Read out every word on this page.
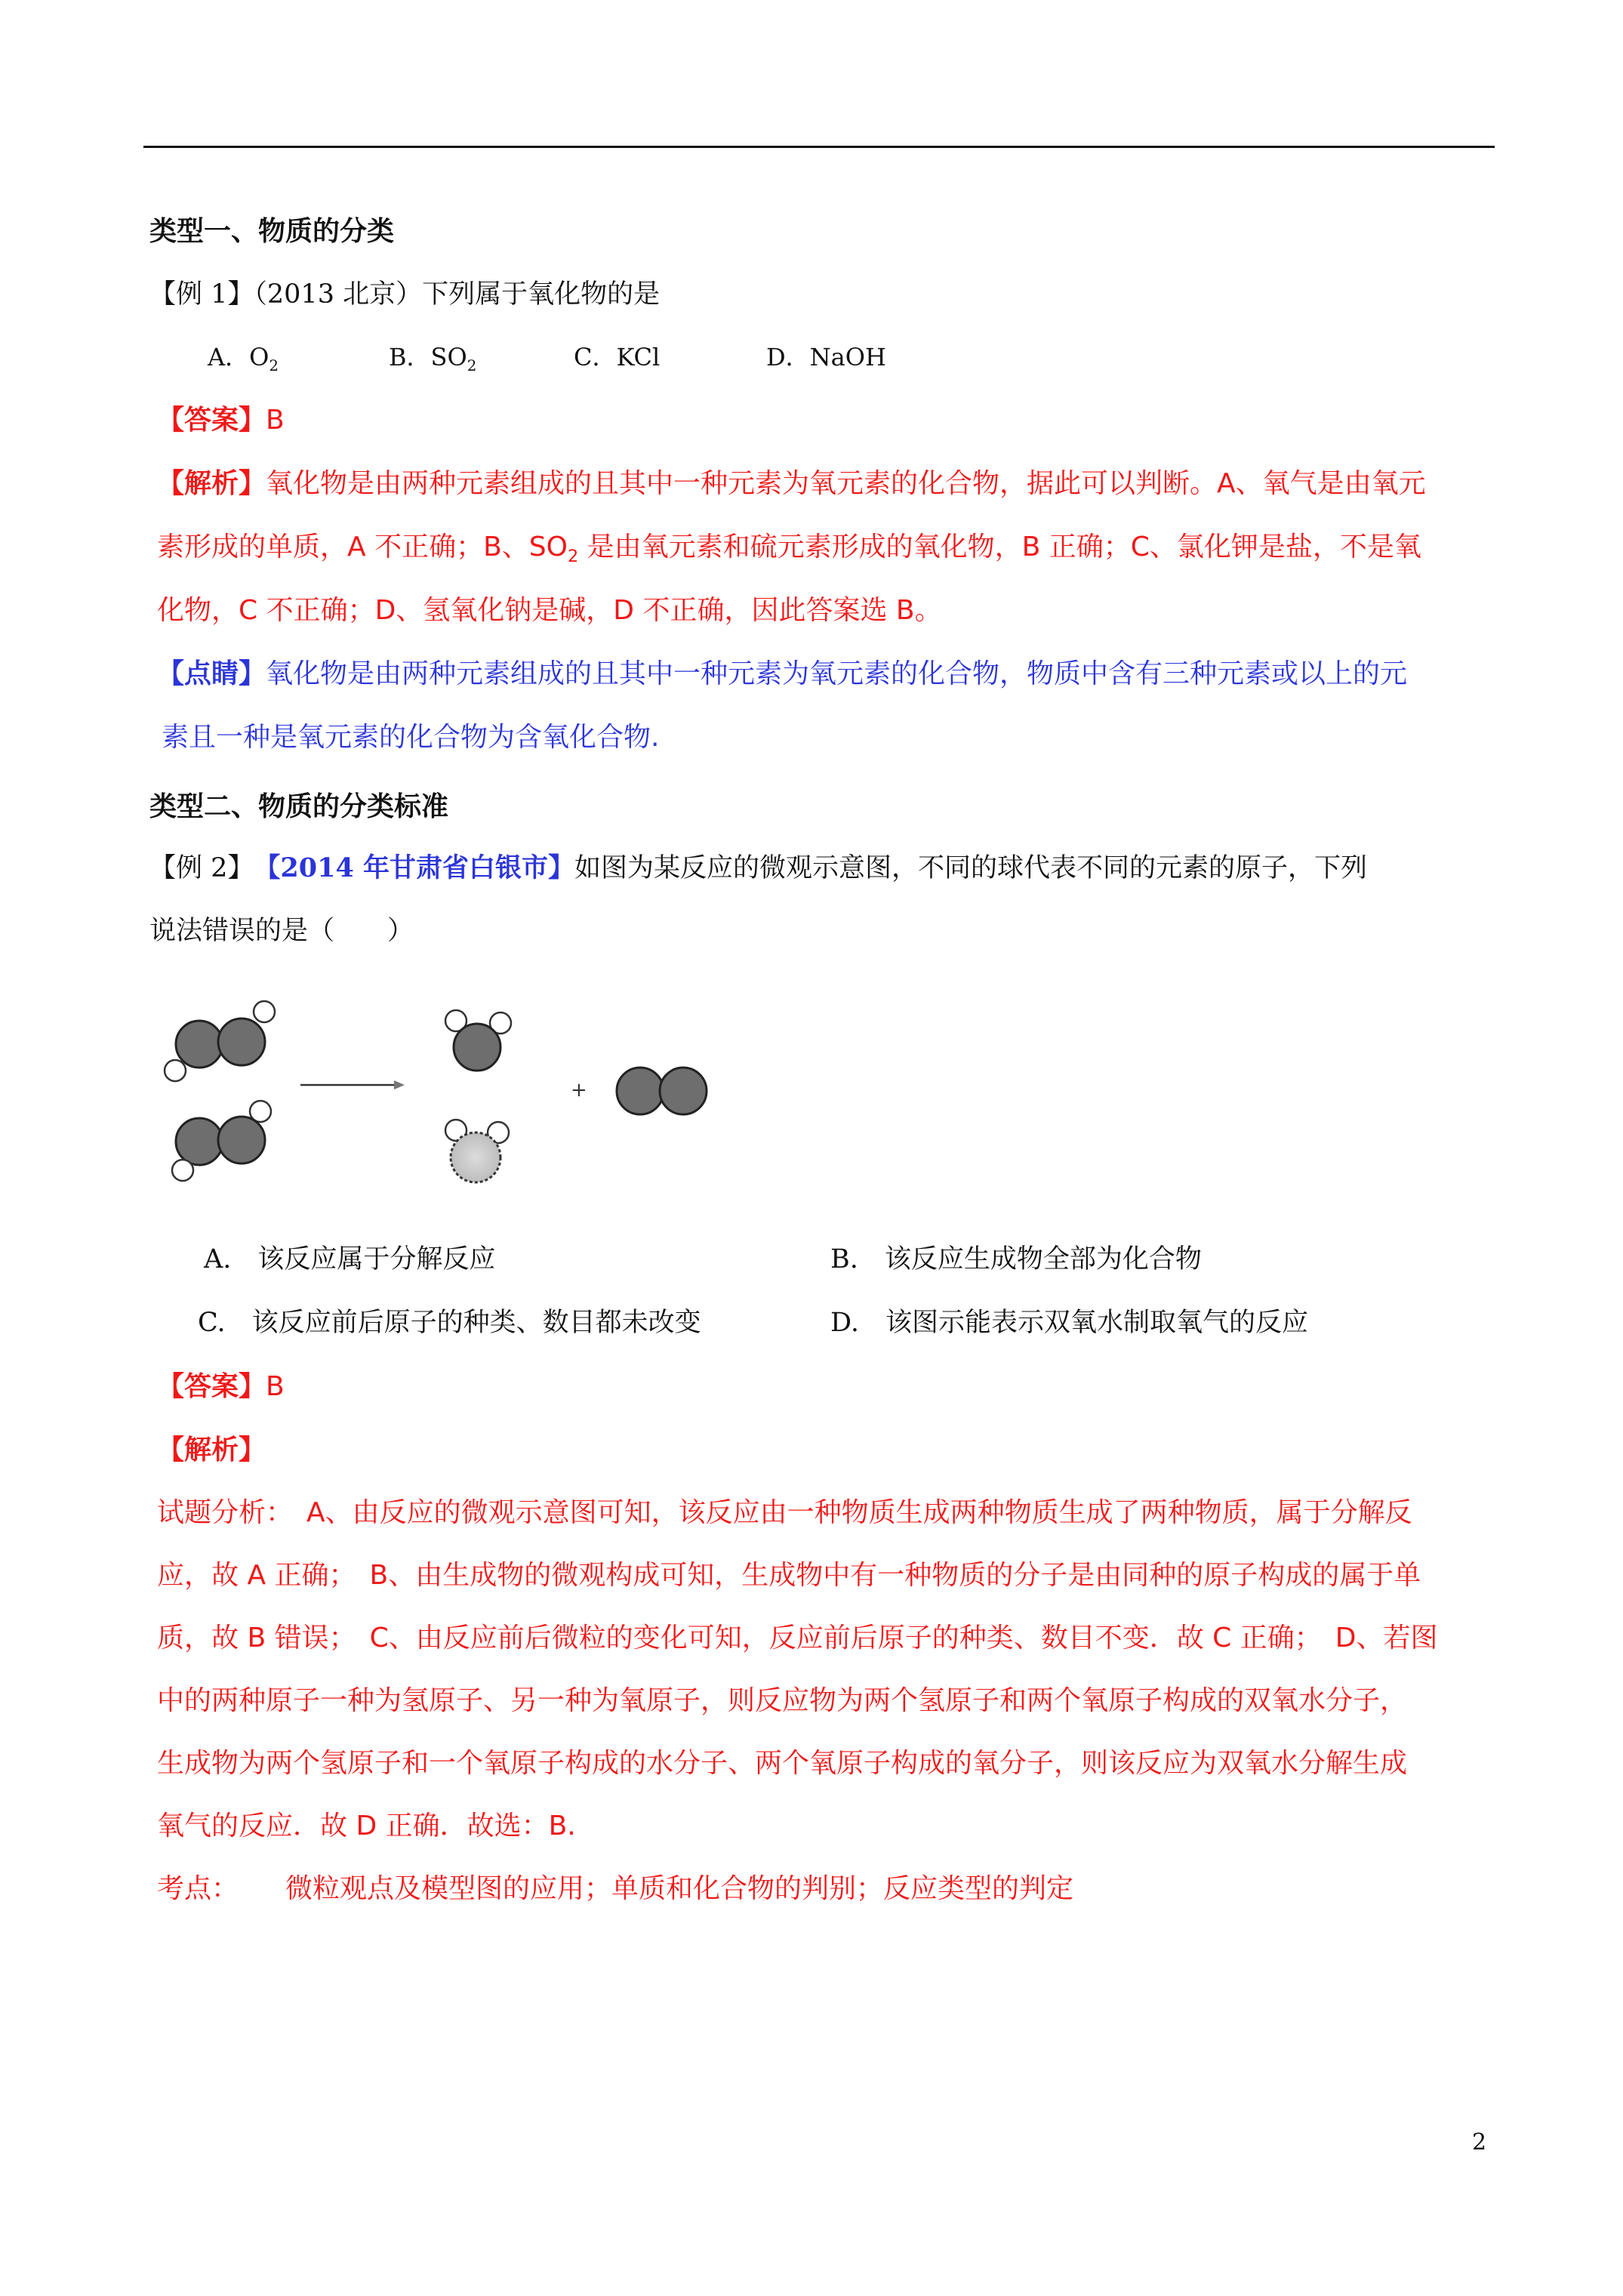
类型一、物质的分类
【例 1】（2013 北京）下列属于氧化物的是
A．$O_2$	B．$SO_2$	C．KCl	D．NaOH
【答案】B
【解析】氧化物是由两种元素组成的且其中一种元素为氧元素的化合物，据此可以判断。A、氧气是由氧元
素形成的单质，A 不正确；B、$SO_2$ 是由氧元素和硫元素形成的氧化物，B 正确；C、氯化钾是盐，不是氧
化物，C 不正确；D、氢氧化钠是碱，D 不正确，因此答案选 B。
【点睛】氧化物是由两种元素组成的且其中一种元素为氧元素的化合物，物质中含有三种元素或以上的元
素且一种是氧元素的化合物为含氧化合物.
类型二、物质的分类标准
【例 2】　 【2014 年甘肃省白银市】如图为某反应的微观示意图，不同的球代表不同的元素的原子，下列
说法错误的是（　　）
+
A.　该反应属于分解反应	B.　该反应生成物全部为化合物
C.　该反应前后原子的种类、数目都未改变	D.　该图示能表示双氧水制取氧气的反应
【答案】B
【解析】
试题分析：　A、由反应的微观示意图可知，该反应由一种物质生成两种物质生成了两种物质，属于分解反
应，故 A 正确；　B、由生成物的微观构成可知，生成物中有一种物质的分子是由同种的原子构成的属于单
质，故 B 错误；　C、由反应前后微粒的变化可知，反应前后原子的种类、数目不变．故 C 正确；　D、若图
中的两种原子一种为氢原子、另一种为氧原子，则反应物为两个氢原子和两个氧原子构成的双氧水分子，
生成物为两个氢原子和一个氧原子构成的水分子、两个氧原子构成的氧分子，则该反应为双氧水分解生成
氧气的反应．故 D 正确．故选：B.
考点： 微粒观点及模型图的应用；单质和化合物的判别；反应类型的判定
2
